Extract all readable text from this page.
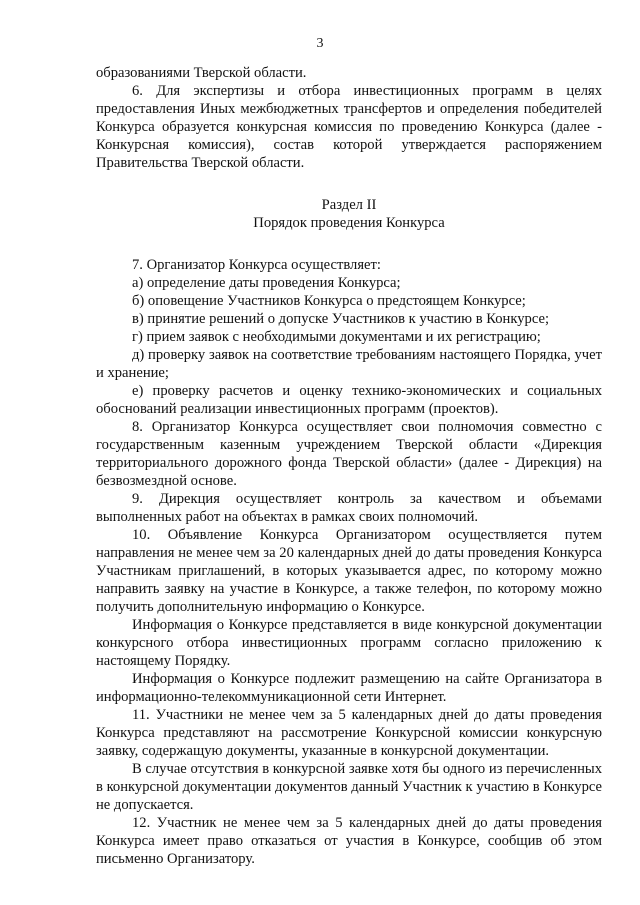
3

образованиями Тверской области.

6. Для экспертизы и отбора инвестиционных программ в целях предоставления Иных межбюджетных трансфертов и определения победителей Конкурса образуется конкурсная комиссия по проведению Конкурса (далее - Конкурсная комиссия), состав которой утверждается распоряжением Правительства Тверской области.

Раздел II
Порядок проведения Конкурса

7. Организатор Конкурса осуществляет:

а) определение даты проведения Конкурса;

б) оповещение Участников Конкурса о предстоящем Конкурсе;

в) принятие решений о допуске Участников к участию в Конкурсе;

г) прием заявок с необходимыми документами и их регистрацию;

д) проверку заявок на соответствие требованиям настоящего Порядка, учет и хранение;

е) проверку расчетов и оценку технико-экономических и социальных обоснований реализации инвестиционных программ (проектов).

8. Организатор Конкурса осуществляет свои полномочия совместно с государственным казенным учреждением Тверской области «Дирекция территориального дорожного фонда Тверской области» (далее - Дирекция) на безвозмездной основе.

9. Дирекция осуществляет контроль за качеством и объемами выполненных работ на объектах в рамках своих полномочий.

10. Объявление Конкурса Организатором осуществляется путем направления не менее чем за 20 календарных дней до даты проведения Конкурса Участникам приглашений, в которых указывается адрес, по которому можно направить заявку на участие в Конкурсе, а также телефон, по которому можно получить дополнительную информацию о Конкурсе.

Информация о Конкурсе представляется в виде конкурсной документации конкурсного отбора инвестиционных программ согласно приложению к настоящему Порядку.

Информация о Конкурсе подлежит размещению на сайте Организатора в информационно-телекоммуникационной сети Интернет.

11. Участники не менее чем за 5 календарных дней до даты проведения Конкурса представляют на рассмотрение Конкурсной комиссии конкурсную заявку, содержащую документы, указанные в конкурсной документации.

В случае отсутствия в конкурсной заявке хотя бы одного из перечисленных в конкурсной документации документов данный Участник к участию в Конкурсе не допускается.

12. Участник не менее чем за 5 календарных дней до даты проведения Конкурса имеет право отказаться от участия в Конкурсе, сообщив об этом письменно Организатору.
